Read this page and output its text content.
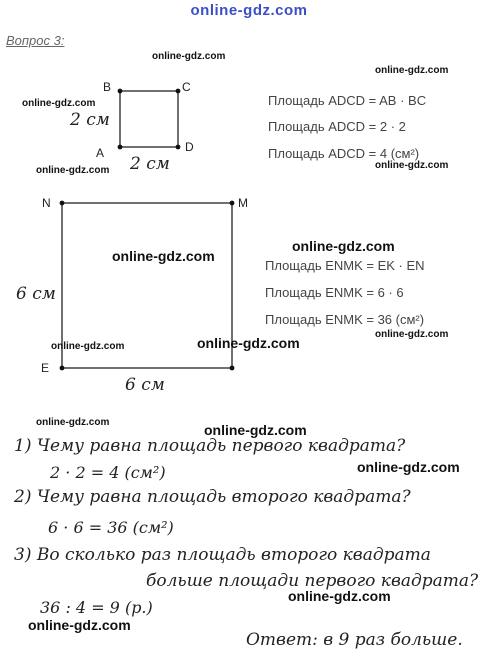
online-gdz.com
Вопрос 3:
B	C
A	D
2 см
2 см
Площадь ADCD = AB · BC
Площадь ADCD = 2 · 2
Площадь ADCD = 4 (см²)
N	M
E
6 см
6 см
Площадь ENMK = EK · EN
Площадь ENMK = 6 · 6
Площадь ENMK = 36 (см²)
online-gdz.com
online-gdz.com
online-gdz.com
online-gdz.com
online-gdz.com
online-gdz.com
online-gdz.com
online-gdz.com
online-gdz.com
online-gdz.com
online-gdz.com	online-gdz.com
online-gdz.com
online-gdz.com
online-gdz.com
1) Чему равна площадь первого квадрата?
2 · 2 = 4 (см²)
2) Чему равна площадь второго квадрата?
6 · 6 = 36 (см²)
3) Во сколько раз площадь второго квадрата
больше площади первого квадрата?
36 : 4 = 9 (р.)
Ответ: в 9 раз больше.
